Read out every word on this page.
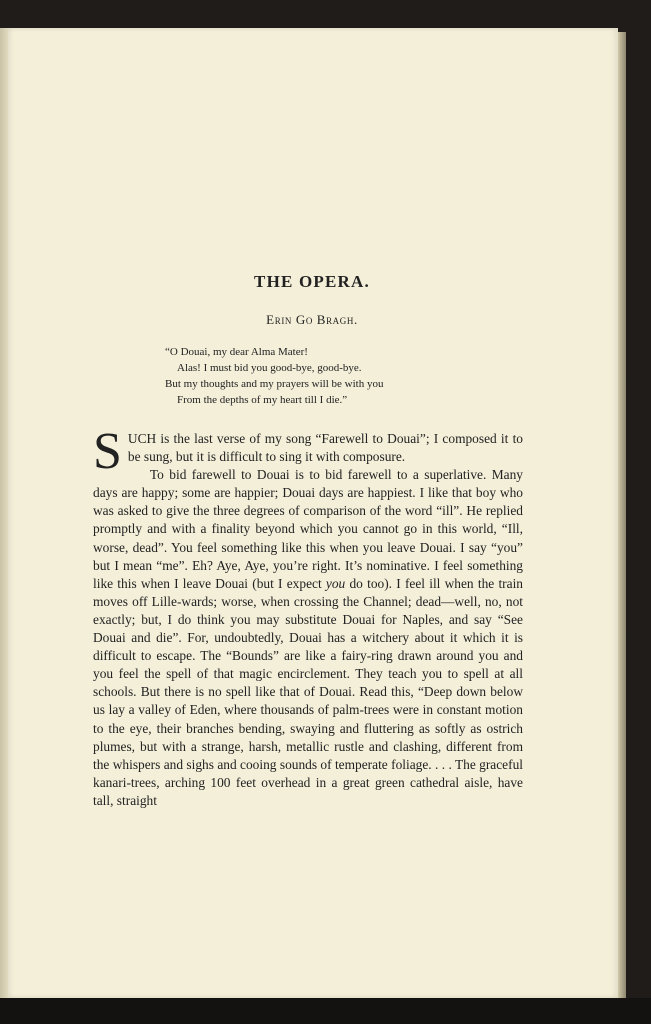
THE OPERA.
Erin Go Bragh.
“O Douai, my dear Alma Mater!
Alas! I must bid you good-bye, good-bye.
But my thoughts and my prayers will be with you
From the depths of my heart till I die.”

SUCH is the last verse of my song “Farewell to Douai”; I composed it to be sung, but it is difficult to sing it with composure.

To bid farewell to Douai is to bid farewell to a superlative. Many days are happy; some are happier; Douai days are happiest. I like that boy who was asked to give the three degrees of comparison of the word “ill”. He replied promptly and with a finality beyond which you cannot go in this world, “Ill, worse, dead”. You feel something like this when you leave Douai. I say “you” but I mean “me”. Eh? Aye, Aye, you’re right. It’s nominative. I feel something like this when I leave Douai (but I expect you do too). I feel ill when the train moves off Lille-wards; worse, when crossing the Channel; dead—well, no, not exactly; but, I do think you may substitute Douai for Naples, and say “See Douai and die”. For, undoubtedly, Douai has a witchery about it which it is difficult to escape. The “Bounds” are like a fairy-ring drawn around you and you feel the spell of that magic encirclement. They teach you to spell at all schools. But there is no spell like that of Douai. Read this, “Deep down below us lay a valley of Eden, where thousands of palm-trees were in constant motion to the eye, their branches bending, swaying and fluttering as softly as ostrich plumes, but with a strange, harsh, metallic rustle and clashing, different from the whispers and sighs and cooing sounds of temperate foliage. . . . The graceful kanari-trees, arching 100 feet overhead in a great green cathedral aisle, have tall, straight
